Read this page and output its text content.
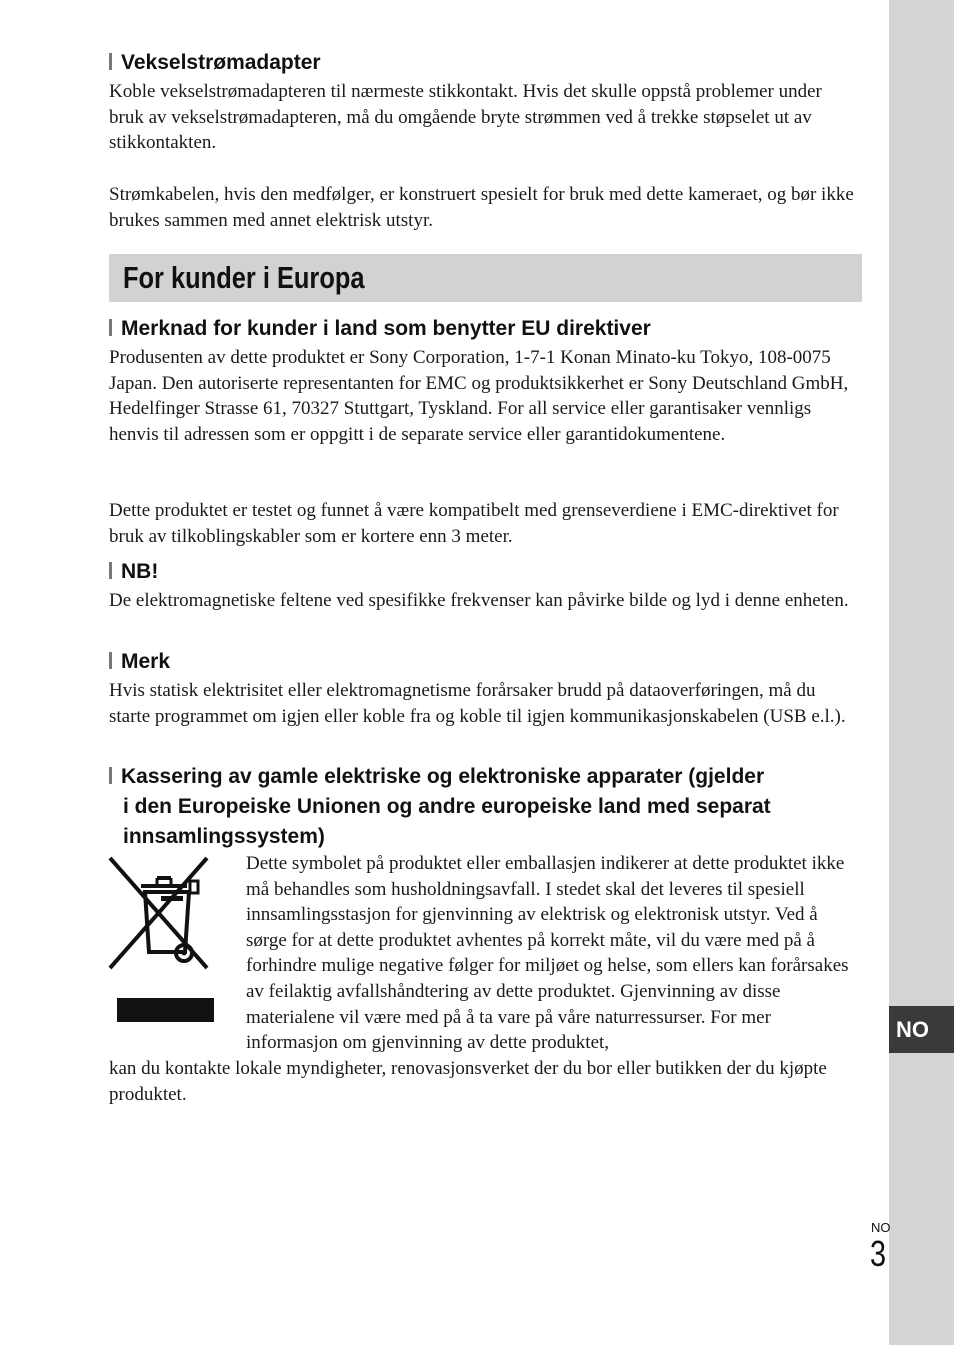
NO
Vekselstrømadapter

Koble vekselstrømadapteren til nærmeste stikkontakt. Hvis det skulle oppstå problemer under bruk av vekselstrømadapteren, må du omgående bryte strømmen ved å trekke støpselet ut av stikkontakten.

Strømkabelen, hvis den medfølger, er konstruert spesielt for bruk med dette kameraet, og bør ikke brukes sammen med annet elektrisk utstyr.

For kunder i Europa
Merknad for kunder i land som benytter EU direktiver

Produsenten av dette produktet er Sony Corporation, 1-7-1 Konan Minato-ku Tokyo, 108-0075 Japan. Den autoriserte representanten for EMC og produktsikkerhet er Sony Deutschland GmbH, Hedelfinger Strasse 61, 70327 Stuttgart, Tyskland. For all service eller garantisaker vennligs henvis til adressen som er oppgitt i de separate service eller garantidokumentene.

Dette produktet er testet og funnet å være kompatibelt med grenseverdiene i EMC-direktivet for bruk av tilkoblingskabler som er kortere enn 3 meter.

NB!

De elektromagnetiske feltene ved spesifikke frekvenser kan påvirke bilde og lyd i denne enheten.

Merk

Hvis statisk elektrisitet eller elektromagnetisme forårsaker brudd på dataoverføringen, må du starte programmet om igjen eller koble fra og koble til igjen kommunikasjonskabelen (USB e.l.).

Kassering av gamle elektriske og elektroniske apparater (gjelder
i den Europeiske Unionen og andre europeiske land med separat
innsamlingssystem)

Dette symbolet på produktet eller emballasjen indikerer at dette produktet ikke må behandles som husholdningsavfall. I stedet skal det leveres til spesiell innsamlingsstasjon for gjenvinning av elektrisk og elektronisk utstyr. Ved å sørge for at dette produktet avhentes på korrekt måte, vil du være med på å forhindre mulige negative følger for miljøet og helse, som ellers kan forårsakes av feilaktig avfallshåndtering av dette produktet. Gjenvinning av disse materialene vil være med på å ta vare på våre naturressurser. For mer informasjon om gjenvinning av dette produktet,

kan du kontakte lokale myndigheter, renovasjonsverket der du bor eller butikken der du kjøpte produktet.

NO
3
